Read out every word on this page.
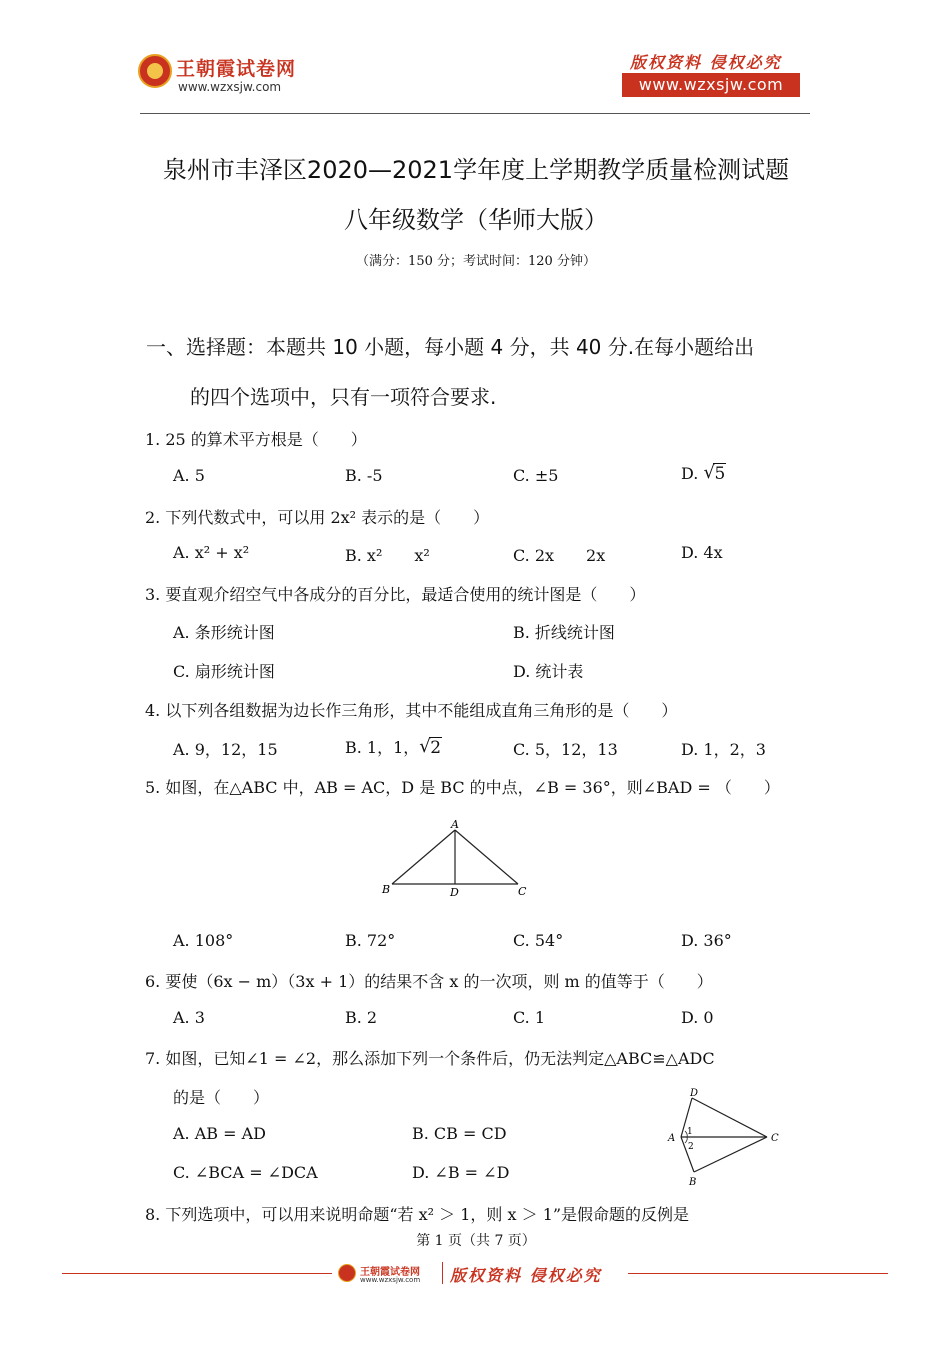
王朝霞试卷网
www.wzxsjw.com
版权资料 侵权必究
www.wzxsjw.com
泉州市丰泽区2020—2021学年度上学期教学质量检测试题
八年级数学（华师大版）
（满分：150 分；考试时间：120 分钟）
一、选择题：本题共 10 小题，每小题 4 分，共 40 分.在每小题给出
的四个选项中，只有一项符合要求.
1. 25 的算术平方根是（　　）
A. 5	B. -5	C. ±5	D. √ 5
2. 下列代数式中，可以用 2x² 表示的是（　　）
A. x² + x²	B. x²　　x²	C. 2x　　2x	D. 4x
3. 要直观介绍空气中各成分的百分比，最适合使用的统计图是（　　）
A. 条形统计图	B. 折线统计图
C. 扇形统计图	D. 统计表
4. 以下列各组数据为边长作三角形，其中不能组成直角三角形的是（　　）
A. 9，12，15	B. 1，1， √ 2	C. 5，12，13	D. 1，2，3
5. 如图，在△ABC 中，AB = AC，D 是 BC 的中点，∠B = 36°，则∠BAD = （　　）
A
B	D	C
A. 108°	B. 72°	C. 54°	D. 36°
6. 要使（6x − m）（3x + 1）的结果不含 x 的一次项，则 m 的值等于（　　）
A. 3	B. 2	C. 1	D. 0
7. 如图，已知∠1 = ∠2，那么添加下列一个条件后，仍无法判定△ABC≌△ADC
的是（　　）
A. AB = AD	B. CB = CD
C. ∠BCA = ∠DCA	D. ∠B = ∠D
D
A	C
B
1
2
8. 下列选项中，可以用来说明命题“若 x² ＞ 1，则 x ＞ 1”是假命题的反例是
第 1 页（共 7 页）
王朝霞试卷网
www.wzxsjw.com 版权资料 侵权必究
